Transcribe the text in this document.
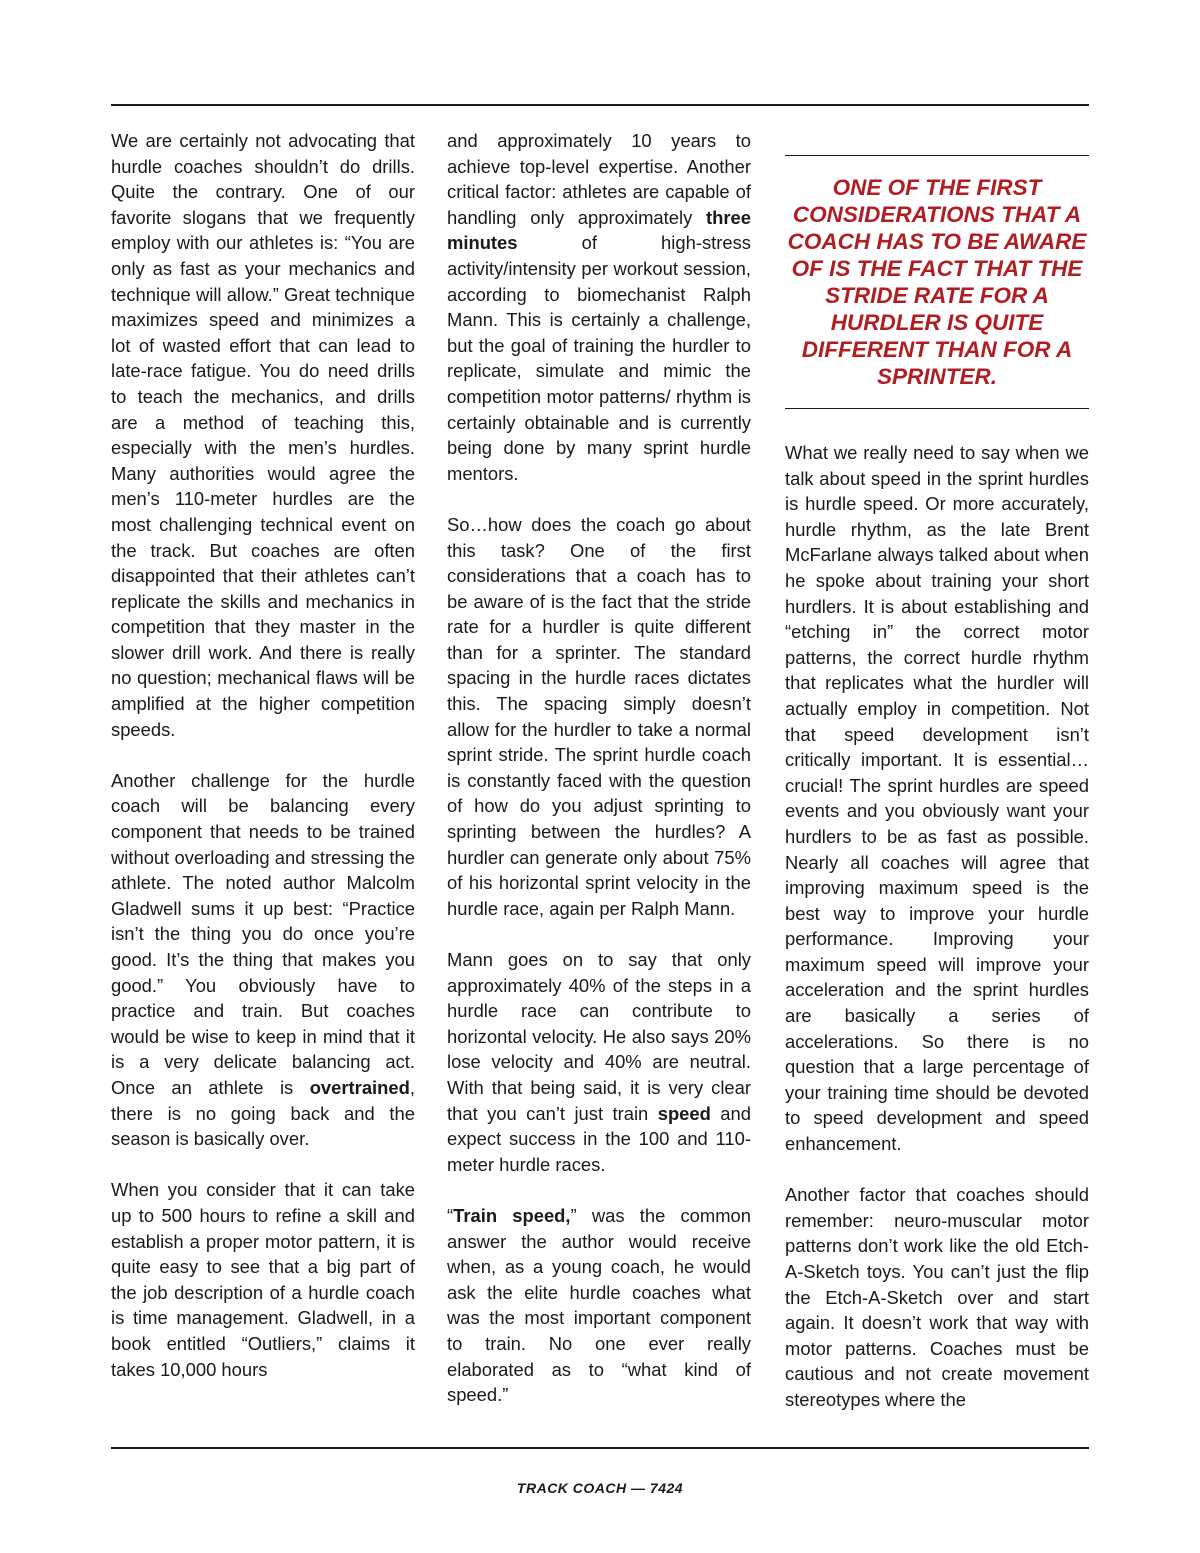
We are certainly not advocating that hurdle coaches shouldn’t do drills. Quite the contrary. One of our favorite slogans that we frequently employ with our athletes is: “You are only as fast as your mechanics and technique will allow.” Great technique maximizes speed and minimizes a lot of wasted effort that can lead to late-race fatigue. You do need drills to teach the mechanics, and drills are a method of teaching this, especially with the men’s hurdles. Many authorities would agree the men’s 110-meter hurdles are the most challenging technical event on the track. But coaches are often disappointed that their athletes can’t replicate the skills and mechanics in competition that they master in the slower drill work. And there is really no question; mechanical flaws will be amplified at the higher competition speeds.

Another challenge for the hurdle coach will be balancing every component that needs to be trained without overloading and stressing the athlete. The noted author Malcolm Gladwell sums it up best: “Practice isn’t the thing you do once you’re good. It’s the thing that makes you good.” You obviously have to practice and train. But coaches would be wise to keep in mind that it is a very delicate balancing act. Once an athlete is overtrained, there is no going back and the season is basically over.

When you consider that it can take up to 500 hours to refine a skill and establish a proper motor pattern, it is quite easy to see that a big part of the job description of a hurdle coach is time management. Gladwell, in a book entitled “Outliers,” claims it takes 10,000 hours

and approximately 10 years to achieve top-level expertise. Another critical factor: athletes are capable of handling only approximately three minutes of high-stress activity/intensity per workout session, according to biomechanist Ralph Mann. This is certainly a challenge, but the goal of training the hurdler to replicate, simulate and mimic the competition motor patterns/ rhythm is certainly obtainable and is currently being done by many sprint hurdle mentors.

So…how does the coach go about this task? One of the first considerations that a coach has to be aware of is the fact that the stride rate for a hurdler is quite different than for a sprinter. The standard spacing in the hurdle races dictates this. The spacing simply doesn’t allow for the hurdler to take a normal sprint stride. The sprint hurdle coach is constantly faced with the question of how do you adjust sprinting to sprinting between the hurdles? A hurdler can generate only about 75% of his horizontal sprint velocity in the hurdle race, again per Ralph Mann.

Mann goes on to say that only approximately 40% of the steps in a hurdle race can contribute to horizontal velocity. He also says 20% lose velocity and 40% are neutral. With that being said, it is very clear that you can’t just train speed and expect success in the 100 and 110-meter hurdle races.

“Train speed,” was the common answer the author would receive when, as a young coach, he would ask the elite hurdle coaches what was the most important component to train. No one ever really elaborated as to “what kind of speed.”

ONE OF THE FIRST CONSIDERATIONS THAT A COACH HAS TO BE AWARE OF IS THE FACT THAT THE STRIDE RATE FOR A HURDLER IS QUITE DIFFERENT THAN FOR A SPRINTER.

What we really need to say when we talk about speed in the sprint hurdles is hurdle speed. Or more accurately, hurdle rhythm, as the late Brent McFarlane always talked about when he spoke about training your short hurdlers. It is about establishing and “etching in” the correct motor patterns, the correct hurdle rhythm that replicates what the hurdler will actually employ in competition. Not that speed development isn’t critically important. It is essential…crucial! The sprint hurdles are speed events and you obviously want your hurdlers to be as fast as possible. Nearly all coaches will agree that improving maximum speed is the best way to improve your hurdle performance. Improving your maximum speed will improve your acceleration and the sprint hurdles are basically a series of accelerations. So there is no question that a large percentage of your training time should be devoted to speed development and speed enhancement.

Another factor that coaches should remember: neuro-muscular motor patterns don’t work like the old Etch-A-Sketch toys. You can’t just the flip the Etch-A-Sketch over and start again. It doesn’t work that way with motor patterns. Coaches must be cautious and not create movement stereotypes where the

TRACK COACH — 7424
